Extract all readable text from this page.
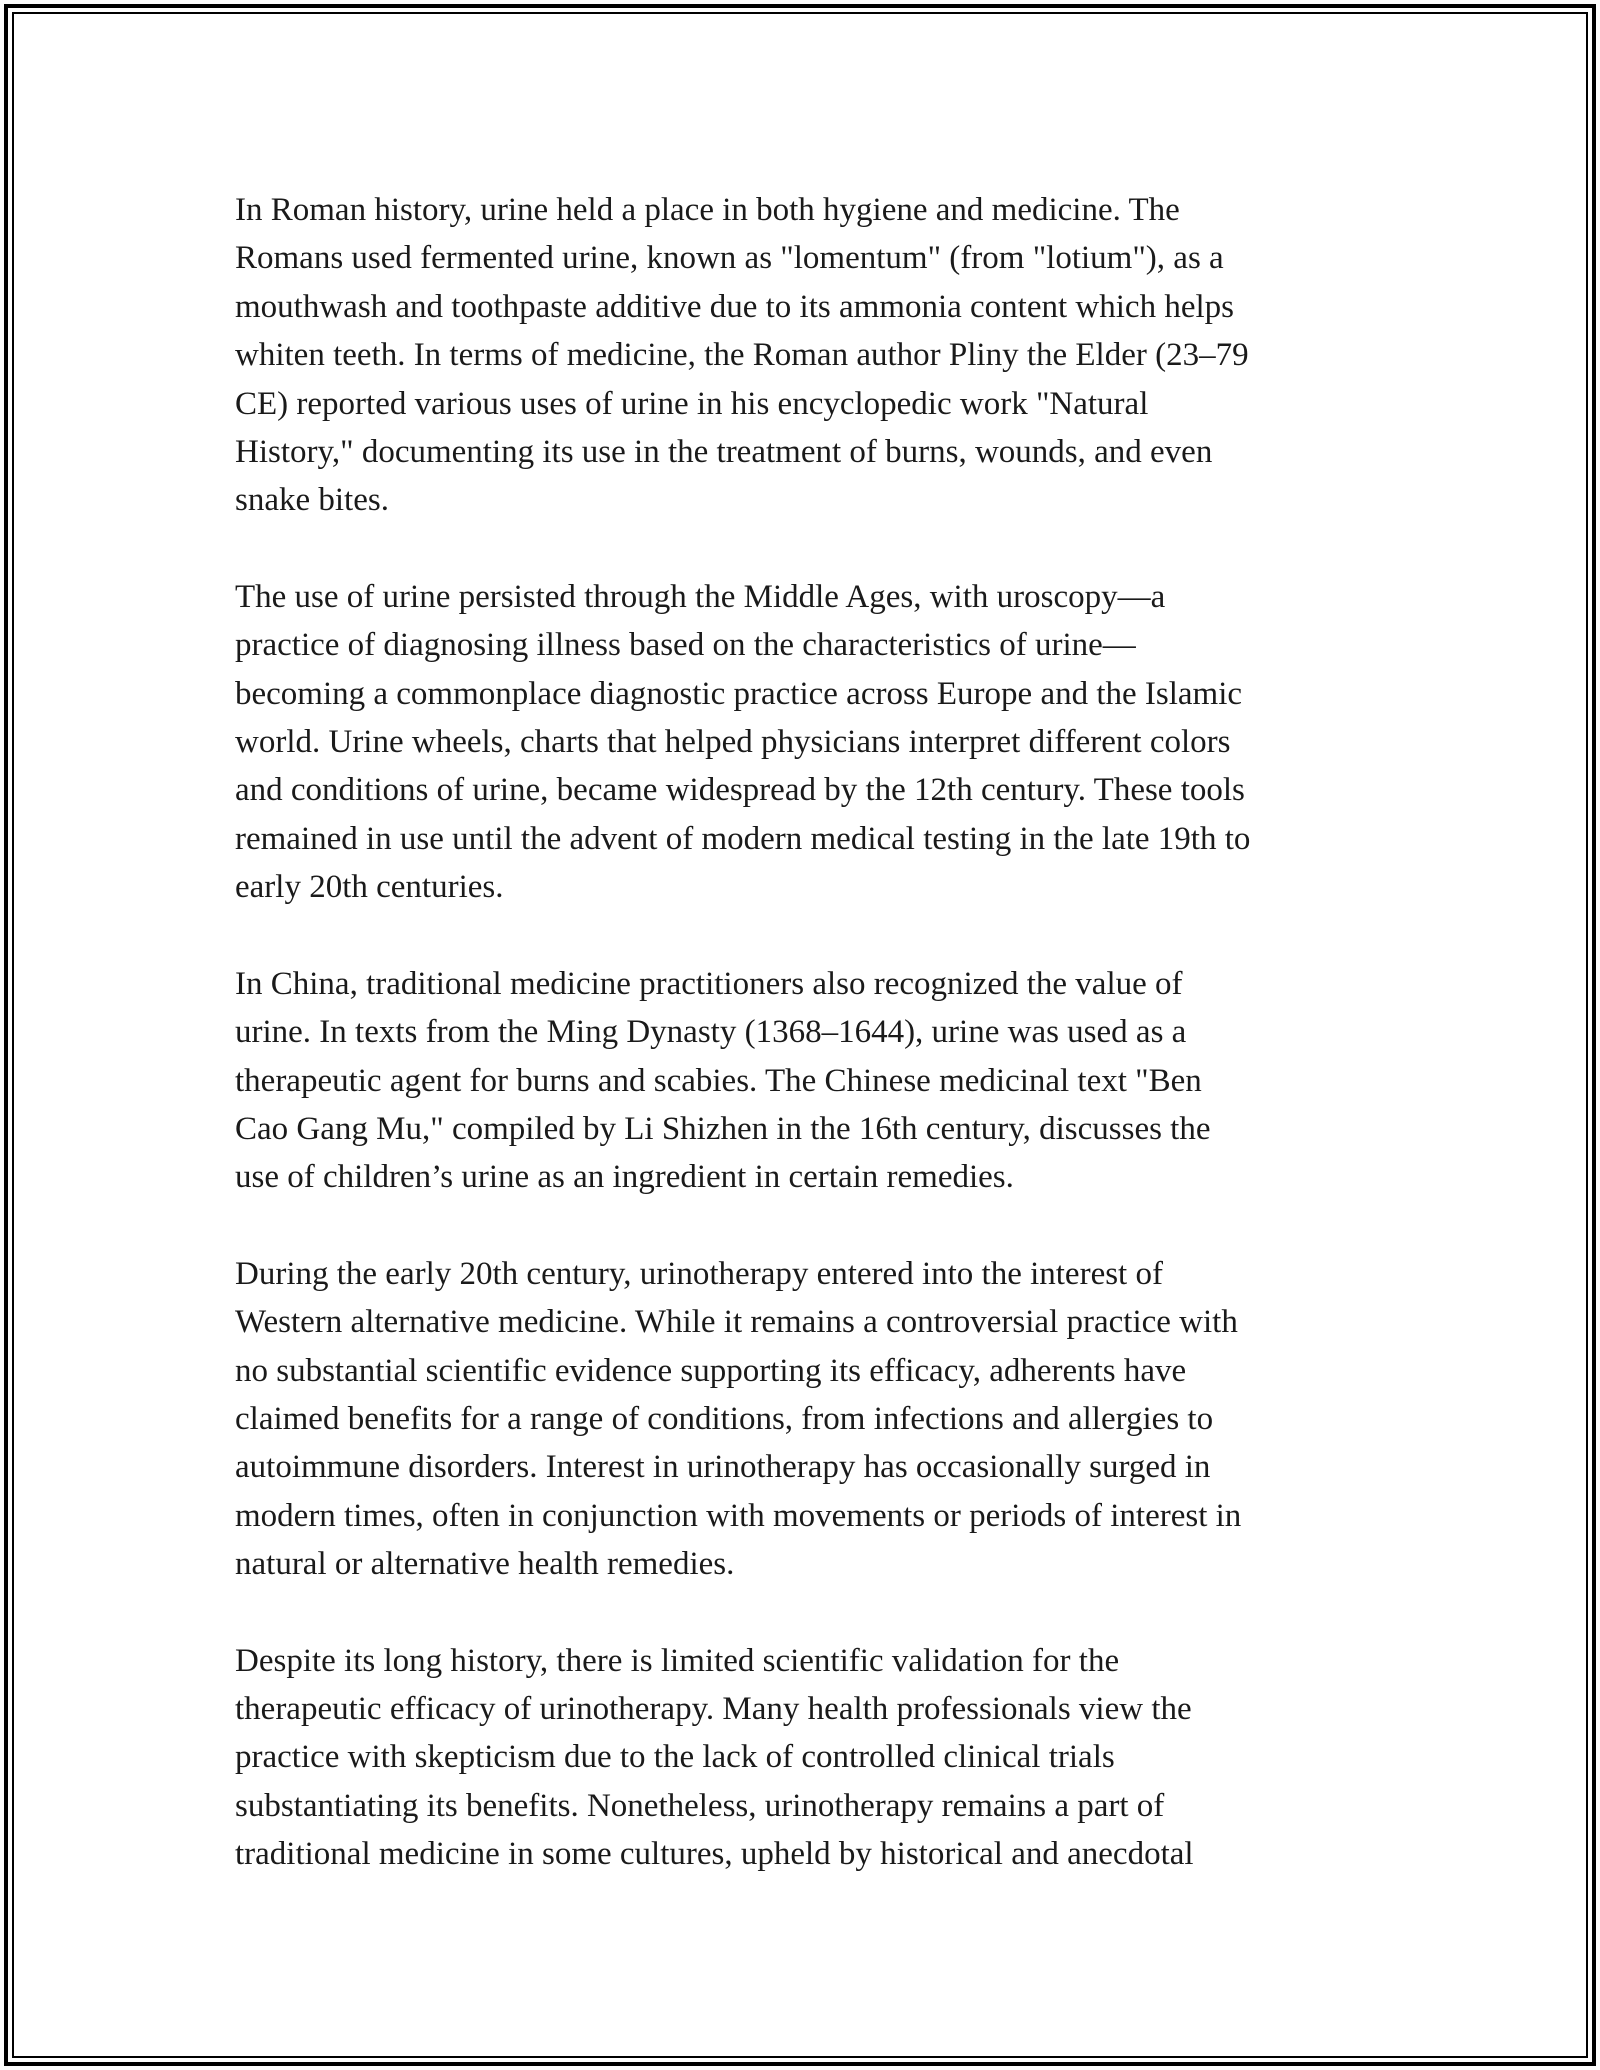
In Roman history, urine held a place in both hygiene and medicine. The
Romans used fermented urine, known as "lomentum" (from "lotium"), as a
mouthwash and toothpaste additive due to its ammonia content which helps
whiten teeth. In terms of medicine, the Roman author Pliny the Elder (23–79
CE) reported various uses of urine in his encyclopedic work "Natural
History," documenting its use in the treatment of burns, wounds, and even
snake bites.

The use of urine persisted through the Middle Ages, with uroscopy—a
practice of diagnosing illness based on the characteristics of urine—
becoming a commonplace diagnostic practice across Europe and the Islamic
world. Urine wheels, charts that helped physicians interpret different colors
and conditions of urine, became widespread by the 12th century. These tools
remained in use until the advent of modern medical testing in the late 19th to
early 20th centuries.

In China, traditional medicine practitioners also recognized the value of
urine. In texts from the Ming Dynasty (1368–1644), urine was used as a
therapeutic agent for burns and scabies. The Chinese medicinal text "Ben
Cao Gang Mu," compiled by Li Shizhen in the 16th century, discusses the
use of children’s urine as an ingredient in certain remedies.

During the early 20th century, urinotherapy entered into the interest of
Western alternative medicine. While it remains a controversial practice with
no substantial scientific evidence supporting its efficacy, adherents have
claimed benefits for a range of conditions, from infections and allergies to
autoimmune disorders. Interest in urinotherapy has occasionally surged in
modern times, often in conjunction with movements or periods of interest in
natural or alternative health remedies.

Despite its long history, there is limited scientific validation for the
therapeutic efficacy of urinotherapy. Many health professionals view the
practice with skepticism due to the lack of controlled clinical trials
substantiating its benefits. Nonetheless, urinotherapy remains a part of
traditional medicine in some cultures, upheld by historical and anecdotal
